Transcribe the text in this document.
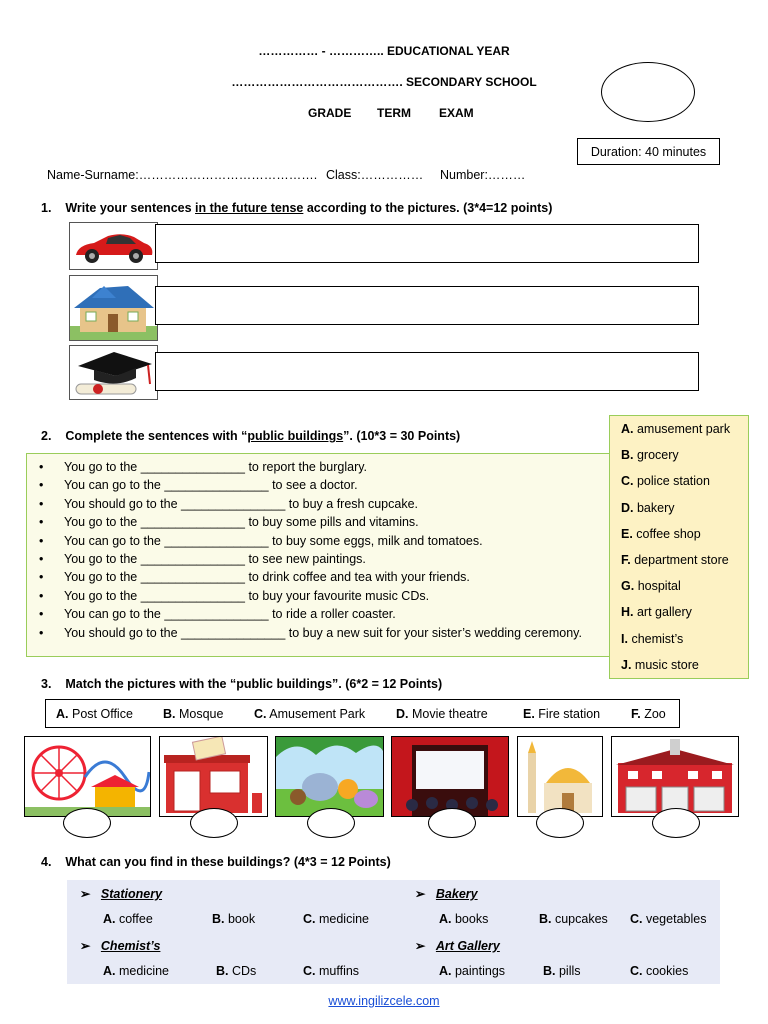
…………… - ………….. EDUCATIONAL YEAR
……………………………………. SECONDARY SCHOOL
GRADE TERM EXAM
Duration: 40 minutes
Name-Surname:……………………………………. Class:…………… Number:………
1. Write your sentences in the future tense according to the pictures. (3*4=12 points)
2. Complete the sentences with “public buildings”. (10*3 = 30 Points)
• You go to the _______________ to report the burglary.
• You can go to the _______________ to see a doctor.
• You should go to the _______________ to buy a fresh cupcake.
• You go to the _______________ to buy some pills and vitamins.
• You can go to the _______________ to buy some eggs, milk and tomatoes.
• You go to the _______________ to see new paintings.
• You go to the _______________ to drink coffee and tea with your friends.
• You go to the _______________ to buy your favourite music CDs.
• You can go to the _______________ to ride a roller coaster.
• You should go to the _______________ to buy a new suit for your sister’s wedding ceremony.
A. amusement park
B. grocery
C. police station
D. bakery
E. coffee shop
F. department store
G. hospital
H. art gallery
I. chemist’s
J. music store
3. Match the pictures with the “public buildings”. (6*2 = 12 Points)
A. Post Office B. Mosque C. Amusement Park D. Movie theatre	E. Fire station F. Zoo
4. What can you find in these buildings? (4*3 = 12 Points)
➢ Stationery
A. coffee	B. book	C. medicine
➢ Bakery
A. books	B. cupcakes C. vegetables
➢ Chemist’s
A. medicine	B. CDs	C. muffins
➢ Art Gallery
A. paintings	B. pills	C. cookies
www.ingilizcele.com
